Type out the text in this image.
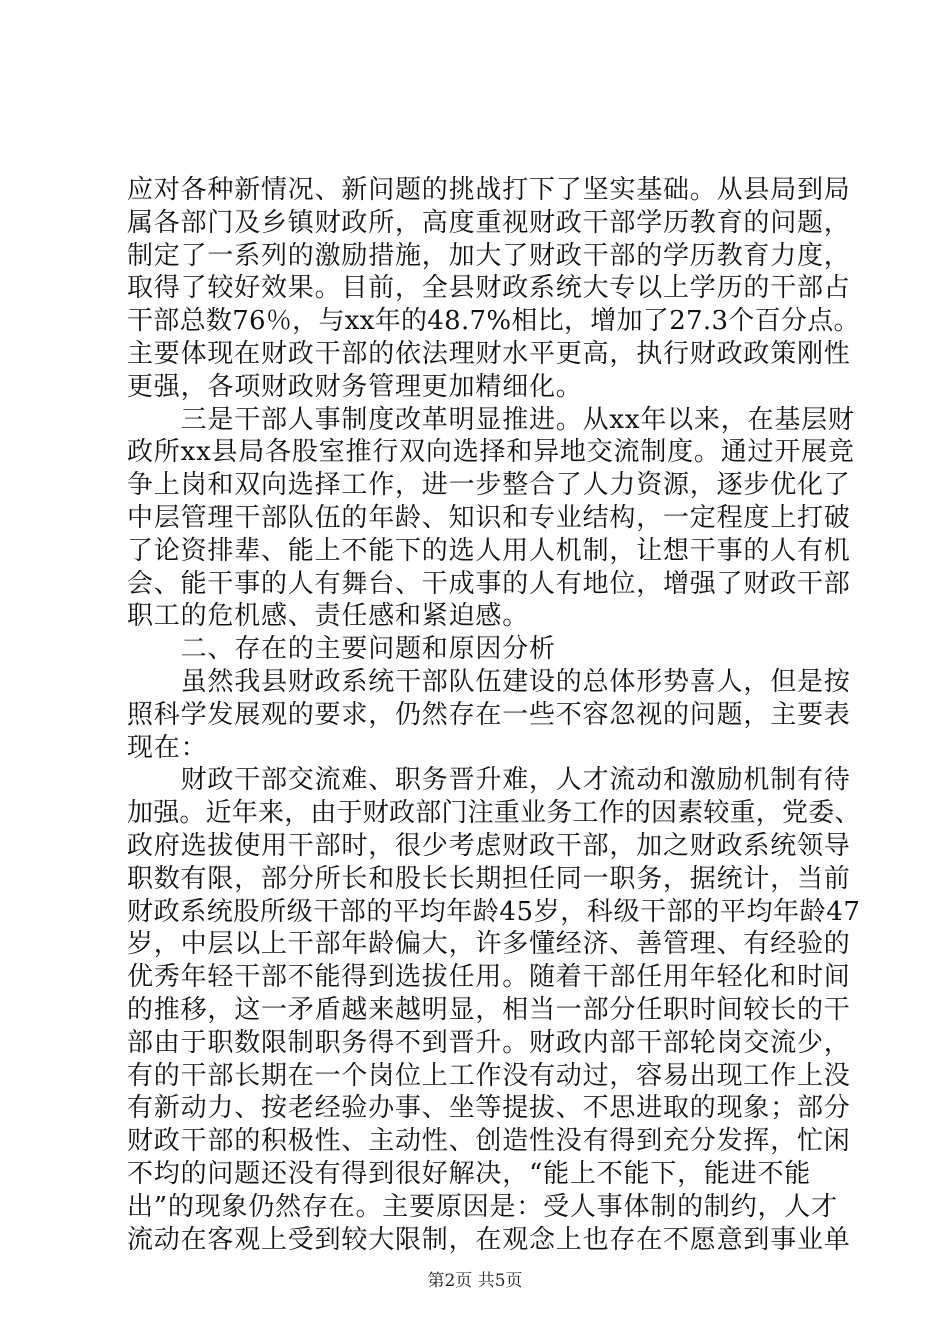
应对各种新情况、新问题的挑战打下了坚实基础。从县局到局
属各部门及乡镇财政所，高度重视财政干部学历教育的问题，
制定了一系列的激励措施，加大了财政干部的学历教育力度，
取得了较好效果。目前，全县财政系统大专以上学历的干部占
干部总数76％，与xx年的48.7%相比，增加了27.3个百分点。
主要体现在财政干部的依法理财水平更高，执行财政政策刚性
更强，各项财政财务管理更加精细化。
　　三是干部人事制度改革明显推进。从xx年以来，在基层财
政所xx县局各股室推行双向选择和异地交流制度。通过开展竞
争上岗和双向选择工作，进一步整合了人力资源，逐步优化了
中层管理干部队伍的年龄、知识和专业结构，一定程度上打破
了论资排辈、能上不能下的选人用人机制，让想干事的人有机
会、能干事的人有舞台、干成事的人有地位，增强了财政干部
职工的危机感、责任感和紧迫感。
　　二、存在的主要问题和原因分析
　　虽然我县财政系统干部队伍建设的总体形势喜人，但是按
照科学发展观的要求，仍然存在一些不容忽视的问题，主要表
现在：
　　财政干部交流难、职务晋升难，人才流动和激励机制有待
加强。近年来，由于财政部门注重业务工作的因素较重，党委、
政府选拔使用干部时，很少考虑财政干部，加之财政系统领导
职数有限，部分所长和股长长期担任同一职务，据统计，当前
财政系统股所级干部的平均年龄45岁，科级干部的平均年龄47
岁，中层以上干部年龄偏大，许多懂经济、善管理、有经验的
优秀年轻干部不能得到选拔任用。随着干部任用年轻化和时间
的推移，这一矛盾越来越明显，相当一部分任职时间较长的干
部由于职数限制职务得不到晋升。财政内部干部轮岗交流少，
有的干部长期在一个岗位上工作没有动过，容易出现工作上没
有新动力、按老经验办事、坐等提拔、不思进取的现象；部分
财政干部的积极性、主动性、创造性没有得到充分发挥，忙闲
不均的问题还没有得到很好解决，“能上不能下，能进不能
出”的现象仍然存在。主要原因是：受人事体制的制约，人才
流动在客观上受到较大限制，在观念上也存在不愿意到事业单
第2页 共5页
